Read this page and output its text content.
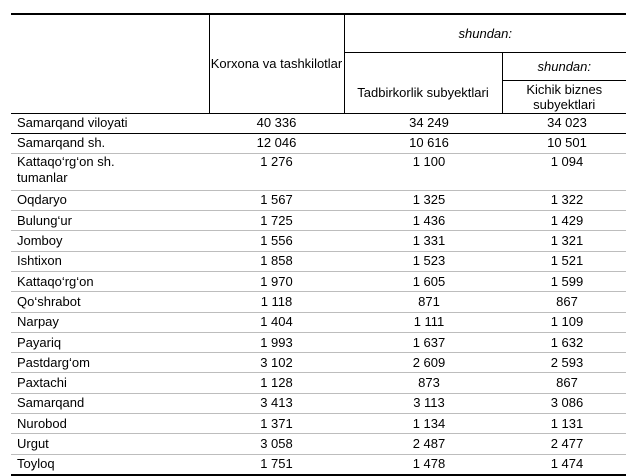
	Korxona va tashkilotlar	shundan:	
		Tadbirkorlik subyektlari	shundan:
			Kichik biznes subyektlari
Samarqand viloyati	40 336	34 249	34 023
Samarqand sh.	12 046	10 616	10 501
Kattaqo‘rg‘on sh.
tumanlar	1 276	1 100	1 094
Oqdaryo	1 567	1 325	1 322
Bulung‘ur	1 725	1 436	1 429
Jomboy	1 556	1 331	1 321
Ishtixon	1 858	1 523	1 521
Kattaqo‘rg‘on	1 970	1 605	1 599
Qo‘shrabot	1 118	871	867
Narpay	1 404	1 111	1 109
Payariq	1 993	1 637	1 632
Pastdarg‘om	3 102	2 609	2 593
Paxtachi	1 128	873	867
Samarqand	3 413	3 113	3 086
Nurobod	1 371	1 134	1 131
Urgut	3 058	2 487	2 477
Toyloq	1 751	1 478	1 474
